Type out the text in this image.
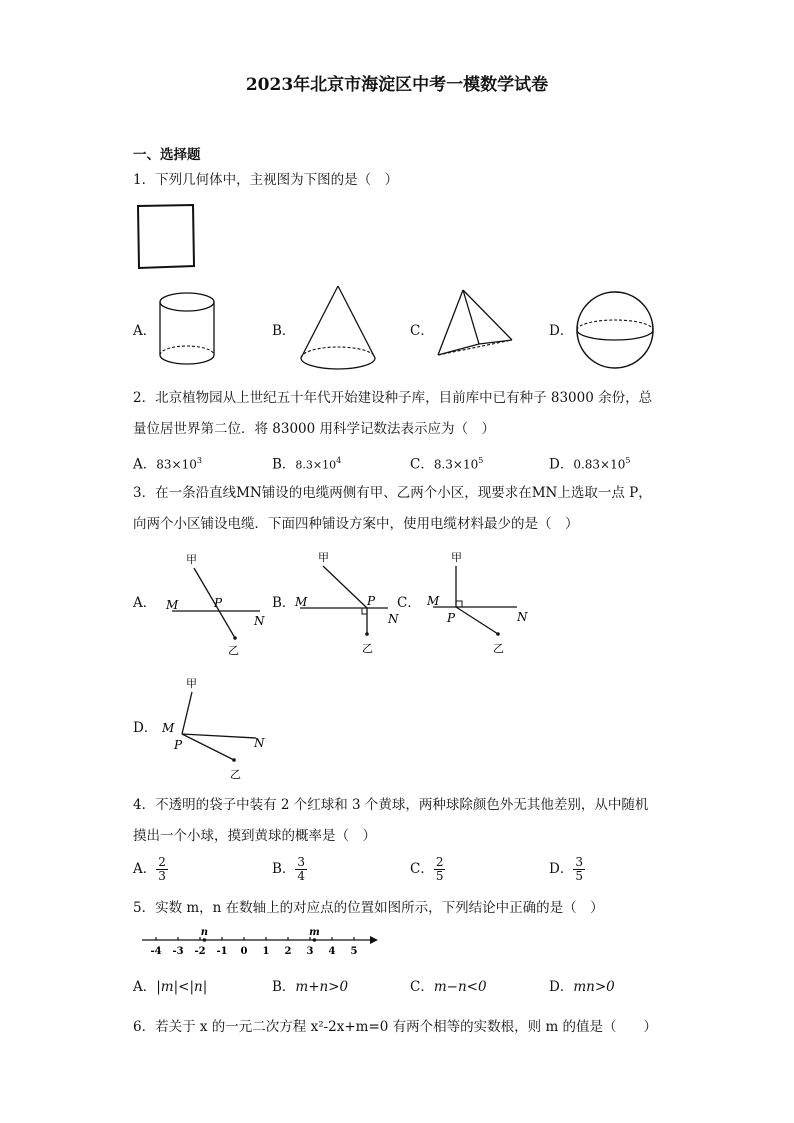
2023年北京市海淀区中考一模数学试卷
一、选择题
1．下列几何体中，主视图为下图的是（　）
A．	B．	C．	D．
2．北京植物园从上世纪五十年代开始建设种子库，目前库中已有种子 83000 余份，总
量位居世界第二位．将 83000 用科学记数法表示应为（　）
A．$83\times 10^3$	B．$8.3\times 10^4$	C．$8.3\times 10^5$	D．$0.83\times 10^5$
3．在一条沿直线MN铺设的电缆两侧有甲、乙两个小区，现要求在MN上选取一点 P，
向两个小区铺设电缆．下面四种铺设方案中，使用电缆材料最少的是（　）
A．
甲
M	P
N
乙
B．
甲
M	P
N
乙
C．
甲
M
P	N
乙
D．
甲
M
P	N
乙
4．不透明的袋子中装有 2 个红球和 3 个黄球，两种球除颜色外无其他差别，从中随机
摸出一个小球，摸到黄球的概率是（　）
A． $\frac{2}{3}$	B． $\frac{3}{4}$	C． $\frac{2}{5}$	D． $\frac{3}{5}$
5．实数 m，n 在数轴上的对应点的位置如图所示，下列结论中正确的是（　）
-4 -3 -2 -1 0 1 2 3 4 5
n	m
A．|m|<|n|	B．m+n>0	C．m−n<0	D．mn>0
6．若关于 x 的一元二次方程 x²-2x+m=0 有两个相等的实数根，则 m 的值是（　　）
